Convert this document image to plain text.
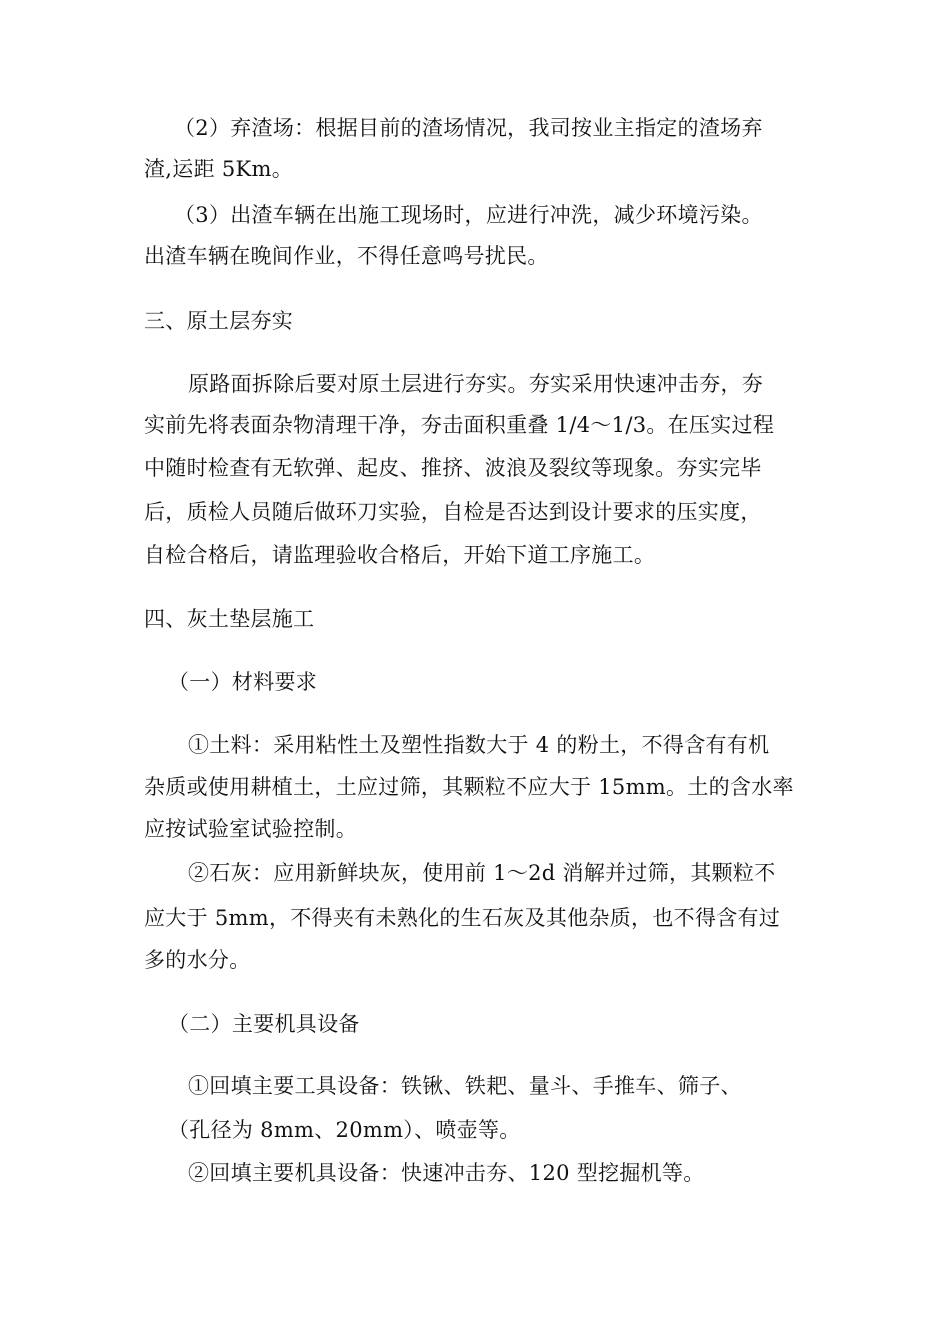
（2）弃渣场：根据目前的渣场情况，我司按业主指定的渣场弃

渣,运距 5Km。

（3）出渣车辆在出施工现场时，应进行冲洗，减少环境污染。

出渣车辆在晚间作业，不得任意鸣号扰民。

三、原土层夯实

原路面拆除后要对原土层进行夯实。夯实采用快速冲击夯，夯

实前先将表面杂物清理干净，夯击面积重叠 1/4～1/3。在压实过程

中随时检查有无软弹、起皮、推挤、波浪及裂纹等现象。夯实完毕

后，质检人员随后做环刀实验，自检是否达到设计要求的压实度，

自检合格后，请监理验收合格后，开始下道工序施工。

四、灰土垫层施工

（一）材料要求

①土料：采用粘性土及塑性指数大于 4 的粉土，不得含有有机

杂质或使用耕植土，土应过筛，其颗粒不应大于 15mm。土的含水率

应按试验室试验控制。

②石灰：应用新鲜块灰，使用前 1～2d 消解并过筛，其颗粒不

应大于 5mm，不得夹有未熟化的生石灰及其他杂质，也不得含有过

多的水分。

（二）主要机具设备

①回填主要工具设备：铁锹、铁耙、量斗、手推车、筛子、

（孔径为 8mm、20mm）、喷壶等。

②回填主要机具设备：快速冲击夯、120 型挖掘机等。
